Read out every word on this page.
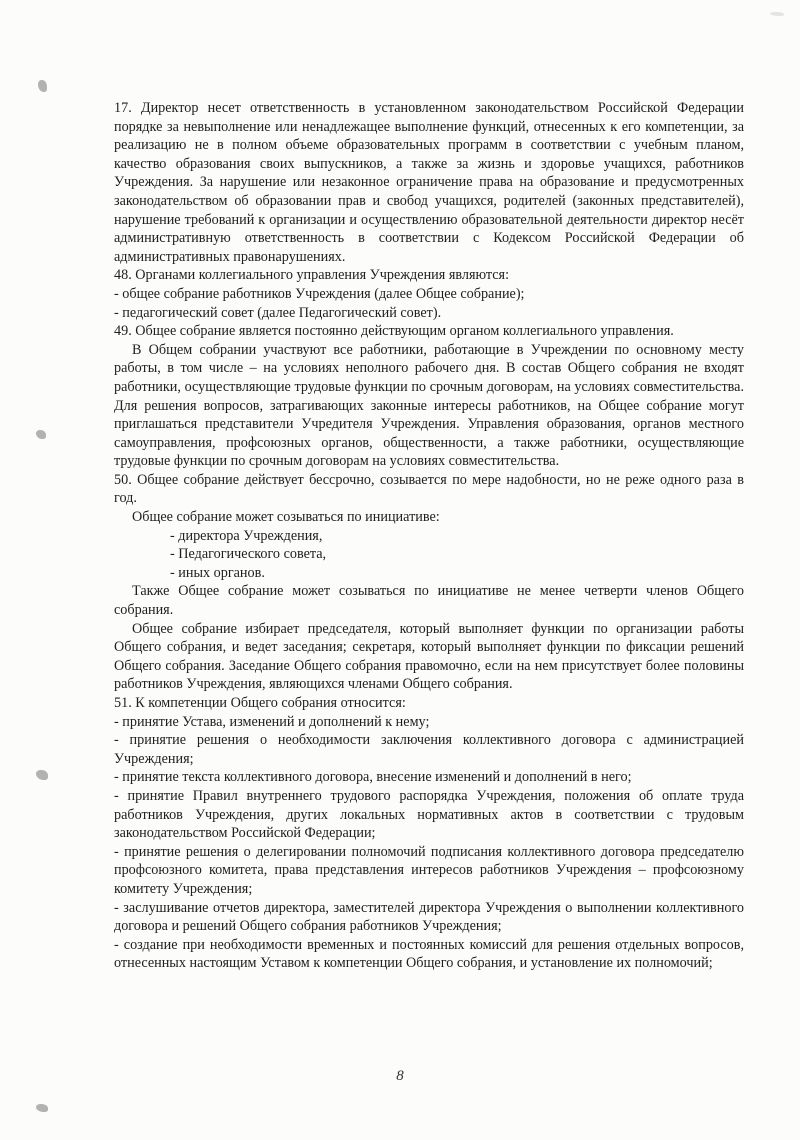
17. Директор несет ответственность в установленном законодательством Российской Федерации порядке за невыполнение или ненадлежащее выполнение функций, отнесенных к его компетенции, за реализацию не в полном объеме образовательных программ в соответствии с учебным планом, качество образования своих выпускников, а также за жизнь и здоровье учащихся, работников Учреждения. За нарушение или незаконное ограничение права на образование и предусмотренных законодательством об образовании прав и свобод учащихся, родителей (законных представителей), нарушение требований к организации и осуществлению образовательной деятельности директор несёт административную ответственность в соответствии с Кодексом Российской Федерации об административных правонарушениях.

48. Органами коллегиального управления Учреждения являются:

- общее собрание работников Учреждения (далее Общее собрание);

- педагогический совет (далее Педагогический совет).

49. Общее собрание является постоянно действующим органом коллегиального управления.

В Общем собрании участвуют все работники, работающие в Учреждении по основному месту работы, в том числе – на условиях неполного рабочего дня. В состав Общего собрания не входят работники, осуществляющие трудовые функции по срочным договорам, на условиях совместительства. Для решения вопросов, затрагивающих законные интересы работников, на Общее собрание могут приглашаться представители Учредителя Учреждения. Управления образования, органов местного самоуправления, профсоюзных органов, общественности, а также работники, осуществляющие трудовые функции по срочным договорам на условиях совместительства.

50. Общее собрание действует бессрочно, созывается по мере надобности, но не реже одного раза в год.

Общее собрание может созываться по инициативе:

- директора Учреждения,

- Педагогического совета,

- иных органов.

Также Общее собрание может созываться по инициативе не менее четверти членов Общего собрания.

Общее собрание избирает председателя, который выполняет функции по организации работы Общего собрания, и ведет заседания; секретаря, который выполняет функции по фиксации решений Общего собрания. Заседание Общего собрания правомочно, если на нем присутствует более половины работников Учреждения, являющихся членами Общего собрания.

51. К компетенции Общего собрания относится:

- принятие Устава, изменений и дополнений к нему;

- принятие решения о необходимости заключения коллективного договора с администрацией Учреждения;

- принятие текста коллективного договора, внесение изменений и дополнений в него;

- принятие Правил внутреннего трудового распорядка Учреждения, положения об оплате труда работников Учреждения, других локальных нормативных актов в соответствии с трудовым законодательством Российской Федерации;

- принятие решения о делегировании полномочий подписания коллективного договора председателю профсоюзного комитета, права представления интересов работников Учреждения – профсоюзному комитету Учреждения;

- заслушивание отчетов директора, заместителей директора Учреждения о выполнении коллективного договора и решений Общего собрания работников Учреждения;

- создание при необходимости временных и постоянных комиссий для решения отдельных вопросов, отнесенных настоящим Уставом к компетенции Общего собрания, и установление их полномочий;

8
